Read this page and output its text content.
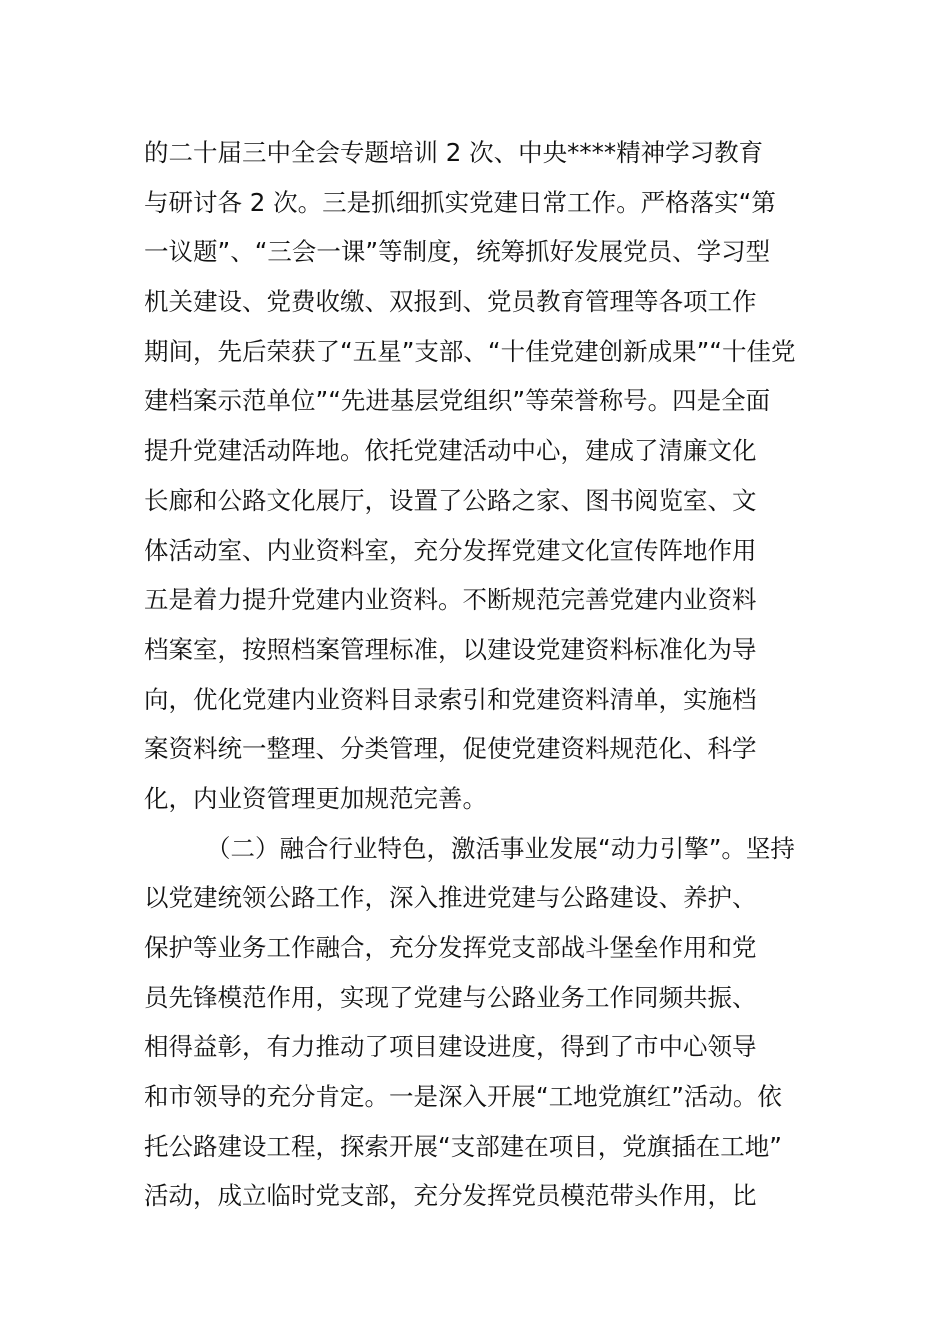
的二十届三中全会专题培训 2 次、中央****精神学习教育
与研讨各 2 次。三是抓细抓实党建日常工作。严格落实“第
一议题”、“三会一课”等制度，统筹抓好发展党员、学习型
机关建设、党费收缴、双报到、党员教育管理等各项工作
期间，先后荣获了“五星”支部、“十佳党建创新成果”“十佳党
建档案示范单位”“先进基层党组织”等荣誉称号。四是全面
提升党建活动阵地。依托党建活动中心，建成了清廉文化
长廊和公路文化展厅，设置了公路之家、图书阅览室、文
体活动室、内业资料室，充分发挥党建文化宣传阵地作用
五是着力提升党建内业资料。不断规范完善党建内业资料
档案室，按照档案管理标准，以建设党建资料标准化为导
向，优化党建内业资料目录索引和党建资料清单，实施档
案资料统一整理、分类管理，促使党建资料规范化、科学
化，内业资管理更加规范完善。
（二）融合行业特色，激活事业发展“动力引擎”。坚持
以党建统领公路工作，深入推进党建与公路建设、养护、
保护等业务工作融合，充分发挥党支部战斗堡垒作用和党
员先锋模范作用，实现了党建与公路业务工作同频共振、
相得益彰，有力推动了项目建设进度，得到了市中心领导
和市领导的充分肯定。一是深入开展“工地党旗红”活动。依
托公路建设工程，探索开展“支部建在项目，党旗插在工地”
活动，成立临时党支部，充分发挥党员模范带头作用，比
